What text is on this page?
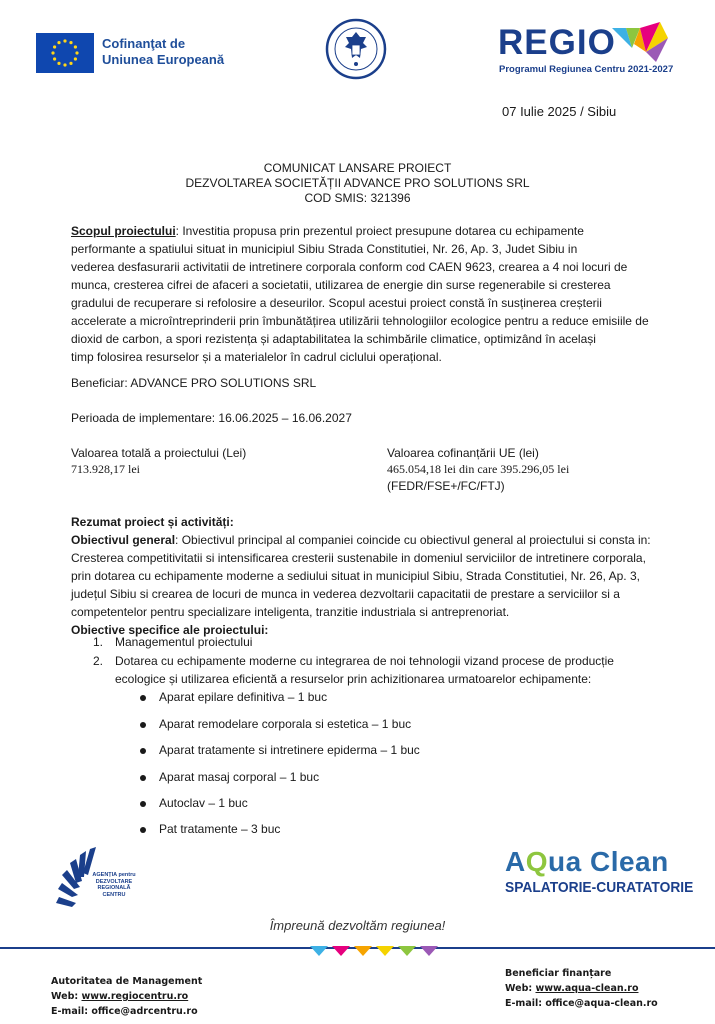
Cofinanţat de
Uniunea Europeană	REGIO
Programul Regiunea Centru 2021-2027
07 Iulie 2025 / Sibiu
COMUNICAT LANSARE PROIECT
DEZVOLTAREA SOCIETĂȚII ADVANCE PRO SOLUTIONS SRL
COD SMIS: 321396
Scopul proiectului: Investitia propusa prin prezentul proiect presupune dotarea cu echipamente
performante a spatiului situat in municipiul Sibiu Strada Constitutiei, Nr. 26, Ap. 3, Judet Sibiu in
vederea desfasurarii activitatii de intretinere corporala conform cod CAEN 9623, crearea a 4 noi locuri de
munca, cresterea cifrei de afaceri a societatii, utilizarea de energie din surse regenerabile si cresterea
gradului de recuperare si refolosire a deseurilor. Scopul acestui proiect constă în susținerea creșterii
accelerate a microîntreprinderii prin îmbunătățirea utilizării tehnologiilor ecologice pentru a reduce emisiile de
dioxid de carbon, a spori rezistența și adaptabilitatea la schimbările climatice, optimizând în același
timp folosirea resurselor și a materialelor în cadrul ciclului operațional.
Beneficiar: ADVANCE PRO SOLUTIONS SRL
Perioada de implementare: 16.06.2025 – 16.06.2027
Valoarea totală a proiectului (Lei)
713.928,17 lei
Valoarea cofinanțării UE (lei)
465.054,18 lei din care 395.296,05 lei
(FEDR/FSE+/FC/FTJ)
Rezumat proiect și activități:
Obiectivul general: Obiectivul principal al companiei coincide cu obiectivul general al proiectului si consta in:
Cresterea competitivitatii si intensificarea cresterii sustenabile in domeniul serviciilor de intretinere corporala,
prin dotarea cu echipamente moderne a sediului situat in municipiul Sibiu, Strada Constitutiei, Nr. 26, Ap. 3,
județul Sibiu si crearea de locuri de munca in vederea dezvoltarii capacitatii de prestare a serviciilor si a
competentelor pentru specializare inteligenta, tranzitie industriala si antreprenoriat.
Obiective specifice ale proiectului:
1. Managementul proiectului
2. Dotarea cu echipamente moderne cu integrarea de noi tehnologii vizand procese de producție
ecologice și utilizarea eficientă a resurselor prin achizitionarea urmatoarelor echipamente:
Aparat epilare definitiva – 1 buc
Aparat remodelare corporala si estetica – 1 buc
Aparat tratamente si intretinere epiderma – 1 buc
Aparat masaj corporal – 1 buc
Autoclav – 1 buc
Pat tratamente – 3 buc
AGENȚIA pentru
DEZVOLTARE
REGIONALĂ
CENTRU
AQua Clean
SPALATORIE-CURATATORIE
Împreună dezvoltăm regiunea!
Autoritatea de Management
Web: www.regiocentru.ro
E-mail: office@adrcentru.ro
Beneficiar finanțare
Web: www.aqua-clean.ro
E-mail: office@aqua-clean.ro
